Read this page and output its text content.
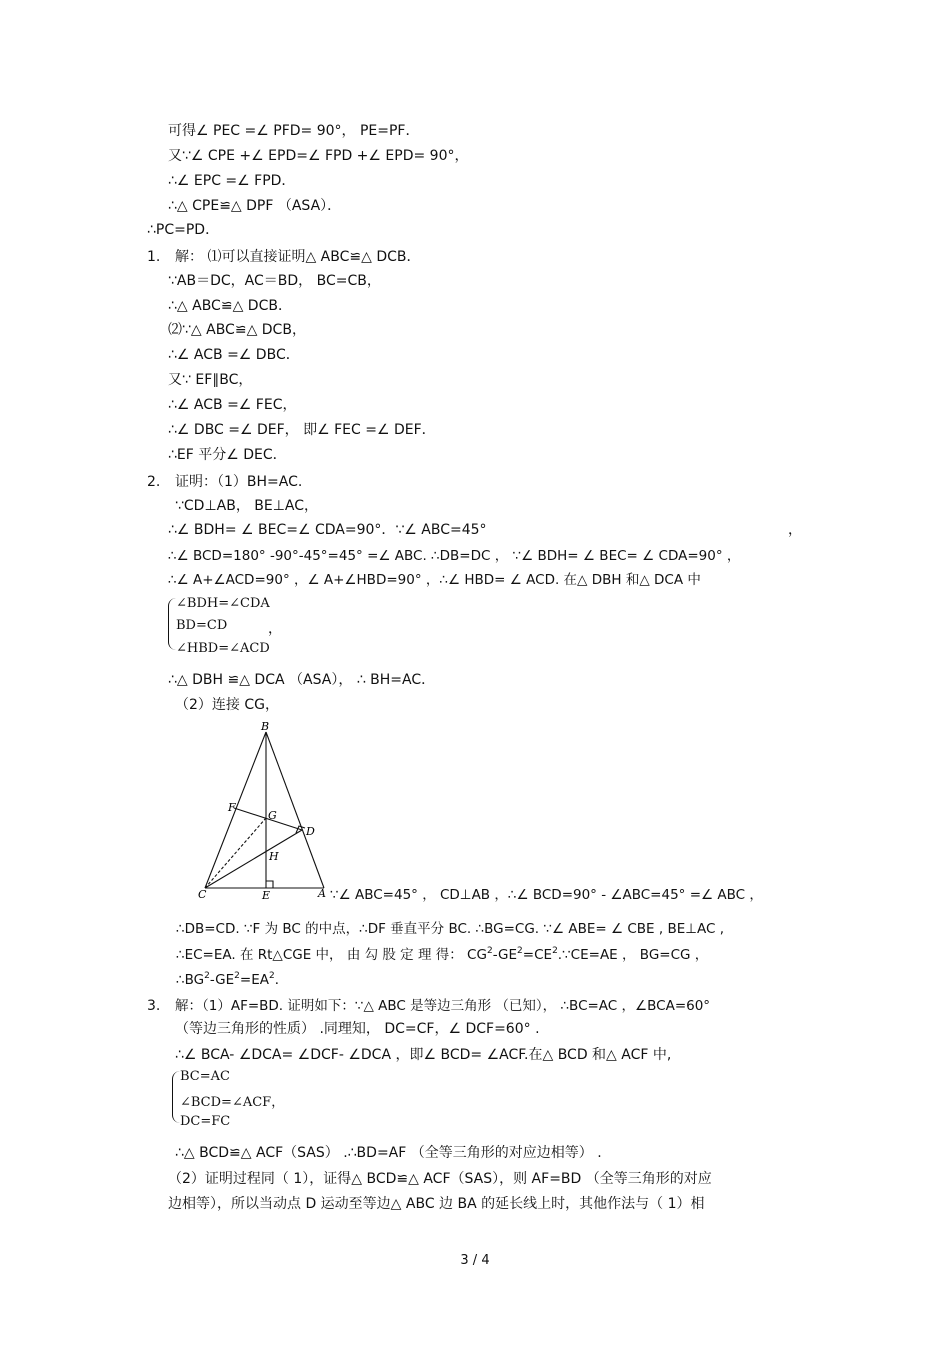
可得∠ PEC =∠ PFD= 90°， PE=PF．
又∵∠ CPE +∠ EPD=∠ FPD +∠ EPD= 90°，
∴∠ EPC =∠ FPD．
∴△ CPE≌△ DPF （ASA）．
∴PC=PD．
1. 解： ⑴可以直接证明△ ABC≌△ DCB．
∵AB＝DC，AC＝BD， BC=CB，
∴△ ABC≌△ DCB．
⑵∵△ ABC≌△ DCB，
∴∠ ACB =∠ DBC．
又∵ EF∥BC，
∴∠ ACB =∠ FEC，
∴∠ DBC =∠ DEF， 即∠ FEC =∠ DEF．
∴EF 平分∠ DEC．
2. 证明：（1）BH=AC.
∵CD⊥AB， BE⊥AC，
∴∠ BDH= ∠ BEC=∠ CDA=90°．∵∠ ABC=45°	，
∴∠ BCD=180° -90°-45°=45° =∠ ABC. ∴DB=DC ， ∵∠ BDH= ∠ BEC= ∠ CDA=90° ，
∴∠ A+∠ACD=90° ，∠ A+∠HBD=90° ，∴∠ HBD= ∠ ACD. 在△ DBH 和△ DCA 中
∠BDH=∠CDA
BD=CD
∠HBD=∠ACD
，
∴△ DBH ≌△ DCA （ASA）， ∴ BH=AC．
（2）连接 CG，
B
F
G
D
H
C	E	A ∵∠ ABC=45° ， CD⊥AB ，∴∠ BCD=90° - ∠ABC=45° =∠ ABC ，
∴DB=CD. ∵F 为 BC 的中点，∴DF 垂直平分 BC. ∴BG=CG. ∵∠ ABE= ∠ CBE , BE⊥AC ,
∴EC=EA. 在 Rt△CGE 中， 由 勾 股 定 理 得： $CG^2-GE^2=CE^2.\because CE=AE$ ， BG=CG ，
$\therefore BG^2-GE^2=EA^2$．
3. 解：（1）AF=BD. 证明如下：∵△ ABC 是等边三角形 （已知）， ∴BC=AC ，∠BCA=60°
（等边三角形的性质） .同理知， DC=CF，∠ DCF=60° .
∴∠ BCA- ∠DCA= ∠DCF- ∠DCA ，即∠ BCD= ∠ACF.在△ BCD 和△ ACF 中,
BC=AC
∠BCD=∠ACF，
DC=FC
∴△ BCD≌△ ACF（SAS） .∴BD=AF （全等三角形的对应边相等） .
（2）证明过程同（ 1），证得△ BCD≌△ ACF（SAS），则 AF=BD （全等三角形的对应
边相等），所以当动点 D 运动至等边△ ABC 边 BA 的延长线上时，其他作法与（ 1）相
3 / 4
